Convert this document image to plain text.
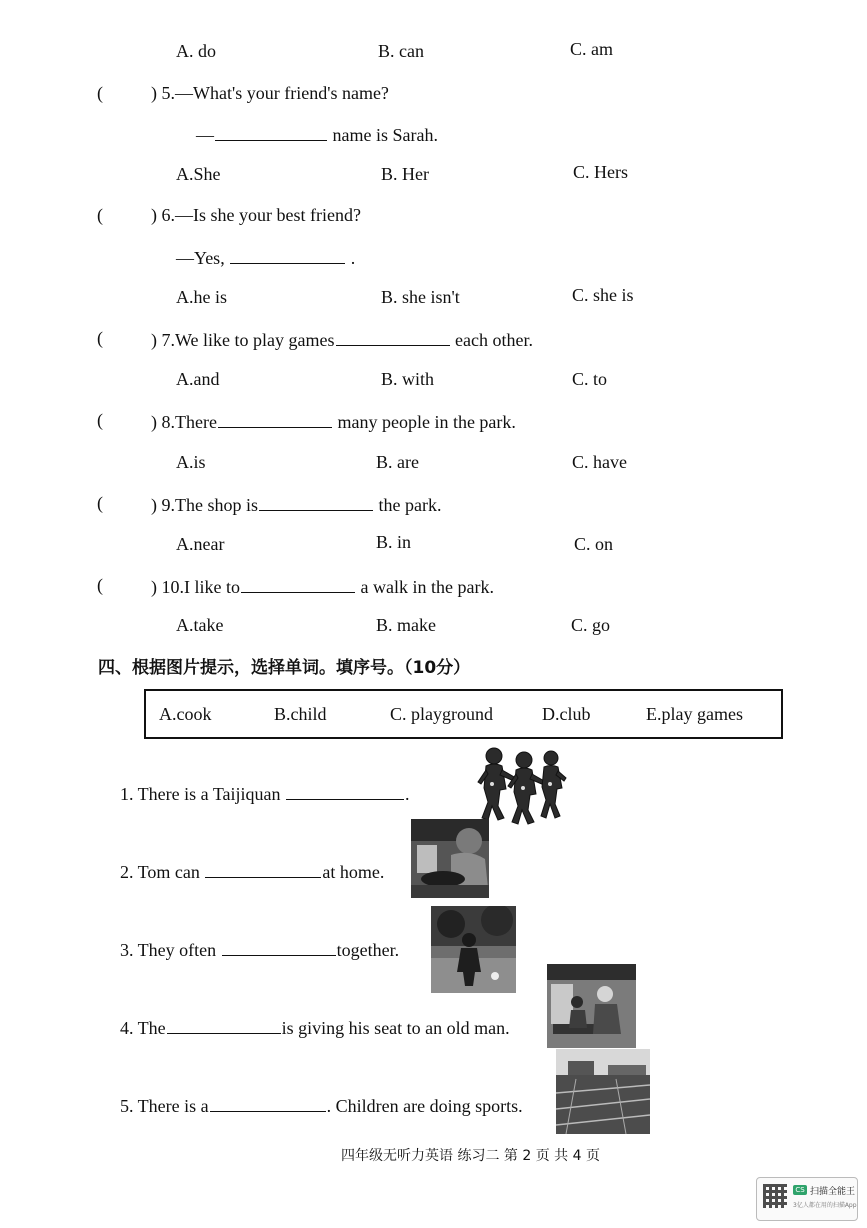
A. do	B. can	C. am
(	) 5.—What's your friend's name?
—	name is Sarah.
A.She	B. Her	C. Hers
(	) 6.—Is she your best friend?
—Yes,	.
A.he is	B. she isn't	C. she is
(	) 7.We like to play games	each other.
A.and	B. with	C. to
(	) 8.There	many people in the park.
A.is	B. are	C. have
(	) 9.The shop is	the park.
A.near	B. in	C. on
(	) 10.I like to	a walk in the park.
A.take	B. make	C. go
四、根据图片提示，选择单词。填序号。（10分）
A.cook	B.child	C. playground	D.club	E.play games
1. There is a Taijiquan	.
2. Tom can	at home.
3. They often	together.
4. The	is giving his seat to an old man.
5. There is a	. Children are doing sports.
四年级无听力英语 练习二 第 2 页 共 4 页
CS 扫描全能王
3亿人都在用的扫描App
